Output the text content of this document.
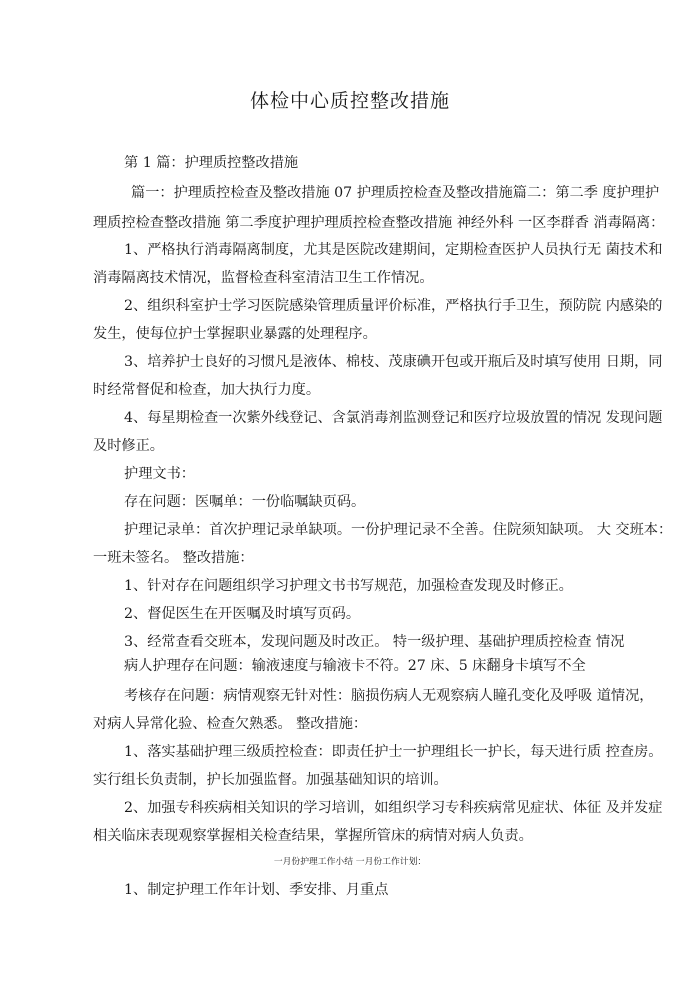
体检中心质控整改措施
第 1 篇：护理质控整改措施
篇一：护理质控检查及整改措施 07 护理质控检查及整改措施篇二：第二季 度护理护
理质控检查整改措施 第二季度护理护理质控检查整改措施 神经外科 一区李群香 消毒隔离：
1、严格执行消毒隔离制度，尤其是医院改建期间，定期检查医护人员执行无 菌技术和
消毒隔离技术情况，监督检查科室清洁卫生工作情况。
2、组织科室护士学习医院感染管理质量评价标准，严格执行手卫生，预防院 内感染的
发生，使每位护士掌握职业暴露的处理程序。
3、培养护士良好的习惯凡是液体、棉枝、茂康碘开包或开瓶后及时填写使用 日期，同
时经常督促和检查，加大执行力度。
4、每星期检查一次紫外线登记、含氯消毒剂监测登记和医疗垃圾放置的情况 发现问题
及时修正。
护理文书：
存在问题：医嘱单：一份临嘱缺页码。
护理记录单：首次护理记录单缺项。一份护理记录不全善。住院须知缺项。 大 交班本：
一班未签名。 整改措施：
1、针对存在问题组织学习护理文书书写规范，加强检查发现及时修正。
2、督促医生在开医嘱及时填写页码。
3、经常查看交班本，发现问题及时改正。 特一级护理、基础护理质控检查 情况
病人护理存在问题：输液速度与输液卡不符。27 床、5 床翻身卡填写不全
考核存在问题：病情观察无针对性：脑损伤病人无观察病人瞳孔变化及呼吸 道情况，
对病人异常化验、检查欠熟悉。 整改措施：
1、落实基础护理三级质控检查：即责任护士一护理组长一护长，每天进行质 控查房。
实行组长负责制，护长加强监督。加强基础知识的培训。
2、加强专科疾病相关知识的学习培训，如组织学习专科疾病常见症状、体征 及并发症
相关临床表现观察掌握相关检查结果，掌握所管床的病情对病人负责。
一月份护理工作小结 一月份工作计划：
1、制定护理工作年计划、季安排、月重点
